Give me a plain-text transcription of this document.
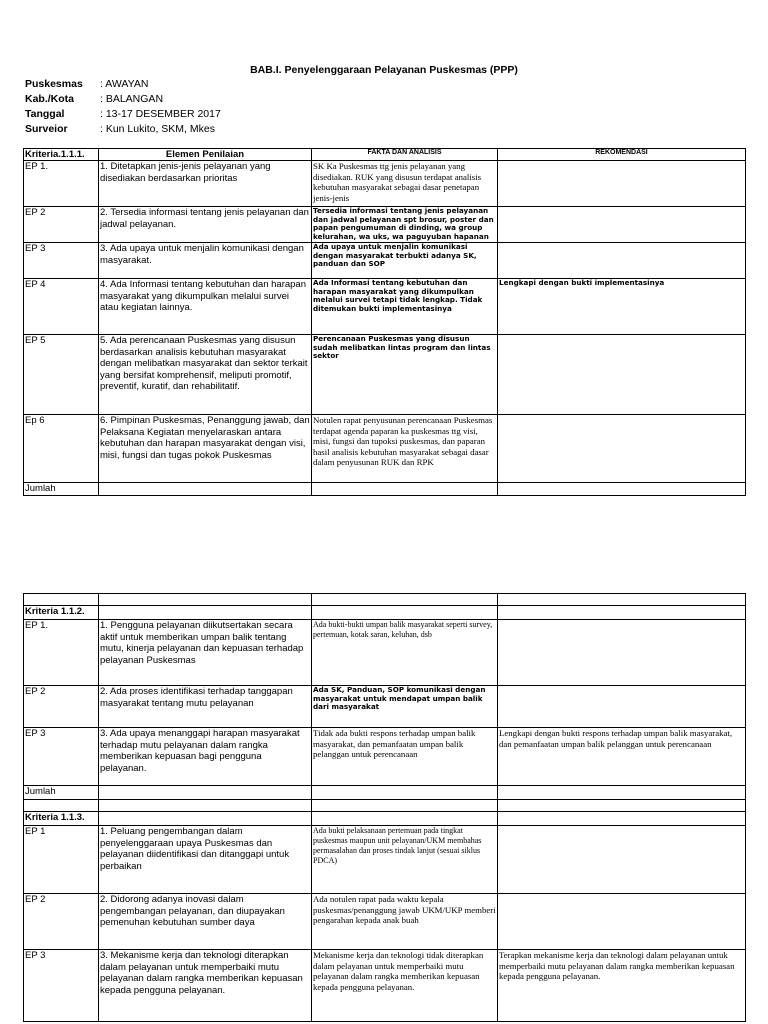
BAB.I. Penyelenggaraan Pelayanan Puskesmas (PPP)
Puskesmas	: AWAYAN
Kab./Kota	: BALANGAN
Tanggal	: 13-17 DESEMBER 2017
Surveior	: Kun Lukito, SKM, Mkes
Kriteria.1.1.1.	Elemen Penilaian	FAKTA DAN ANALISIS	REKOMENDASI
EP 1.	1. Ditetapkan jenis-jenis pelayanan yang disediakan berdasarkan prioritas	SK Ka Puskesmas ttg jenis pelayanan yang disediakan. RUK yang disusun terdapat analisis kebutuhan masyarakat sebagai dasar penetapan jenis-jenis	

EP 2	2. Tersedia informasi tentang jenis pelayanan dan jadwal pelayanan.	Tersedia informasi tentang jenis pelayanan dan jadwal pelayanan spt brosur, poster dan papan pengumuman di dinding, wa group kelurahan, wa uks, wa paguyuban hapanan	

EP 3	3. Ada upaya untuk menjalin komunikasi dengan masyarakat.	Ada upaya untuk menjalin komunikasi dengan masyarakat terbukti adanya SK, panduan dan SOP	
EP 4	4. Ada Informasi tentang kebutuhan dan harapan masyarakat yang dikumpulkan melalui survei atau kegiatan lainnya.	Ada Informasi tentang kebutuhan dan harapan masyarakat yang dikumpulkan melalui survei tetapi tidak lengkap. Tidak ditemukan bukti implementasinya	Lengkapi dengan bukti implementasinya
EP 5	5. Ada perencanaan Puskesmas yang disusun berdasarkan analisis kebutuhan masyarakat dengan melibatkan masyarakat dan sektor terkait yang bersifat komprehensif, meliputi promotif, preventif, kuratif, dan rehabilitatif.	Perencanaan Puskesmas yang disusun sudah melibatkan lintas program dan lintas sektor	
Ep 6	6. Pimpinan Puskesmas, Penanggung jawab, dan Pelaksana Kegiatan menyelaraskan antara kebutuhan dan harapan masyarakat dengan visi, misi, fungsi dan tugas pokok Puskesmas	Notulen rapat penyusunan perencanaan Puskesmas terdapat agenda paparan ka puskesmas ttg visi, misi, fungsi dan tupoksi puskesmas, dan paparan hasil analisis kebutuhan masyarakat sebagai dasar dalam penyusunan RUK dan RPK	

Jumlah			

Kriteria 1.1.2.			
EP 1.	1. Pengguna pelayanan diikutsertakan secara aktif untuk memberikan umpan balik tentang mutu, kinerja pelayanan dan kepuasan terhadap pelayanan Puskesmas	Ada bukti-bukti umpan balik masyarakat seperti survey, pertemuan, kotak saran, keluhan, dsb	
EP 2	2. Ada proses identifikasi terhadap tanggapan masyarakat tentang mutu pelayanan	Ada SK, Panduan, SOP komunikasi dengan masyarakat untuk mendapat umpan balik dari masyarakat	
EP 3	3. Ada upaya menanggapi harapan masyarakat terhadap mutu pelayanan dalam rangka memberikan kepuasan bagi pengguna pelayanan.	Tidak ada bukti respons terhadap umpan balik masyarakat, dan pemanfaatan umpan balik pelanggan untuk perencanaan	Lengkapi dengan bukti respons terhadap umpan balik masyarakat, dan pemanfaatan umpan balik pelanggan untuk perencanaan
Jumlah			

Kriteria 1.1.3.			
EP 1	1. Peluang pengembangan dalam penyelenggaraan upaya Puskesmas dan pelayanan diidentifikasi dan ditanggapi untuk perbaikan	Ada bukti pelaksanaan pertemuan pada tingkat puskesmas maupun unit pelayanan/UKM membahas permasalahan dan proses tindak lanjut (sesuai siklus PDCA)	
EP 2	2. Didorong adanya inovasi dalam pengembangan pelayanan, dan diupayakan pemenuhan kebutuhan sumber daya	Ada notulen rapat pada waktu kepala puskesmas/penanggung jawab UKM/UKP memberi pengarahan kepada anak buah	
EP 3	3. Mekanisme kerja dan teknologi diterapkan dalam pelayanan untuk memperbaiki mutu pelayanan dalam rangka memberikan kepuasan kepada pengguna pelayanan.	Mekanisme kerja dan teknologi tidak diterapkan dalam pelayanan untuk memperbaiki mutu pelayanan dalam rangka memberikan kepuasan kepada pengguna pelayanan.	Terapkan mekanisme kerja dan teknologi dalam pelayanan untuk memperbaiki mutu pelayanan dalam rangka memberikan kepuasan kepada pengguna pelayanan.
